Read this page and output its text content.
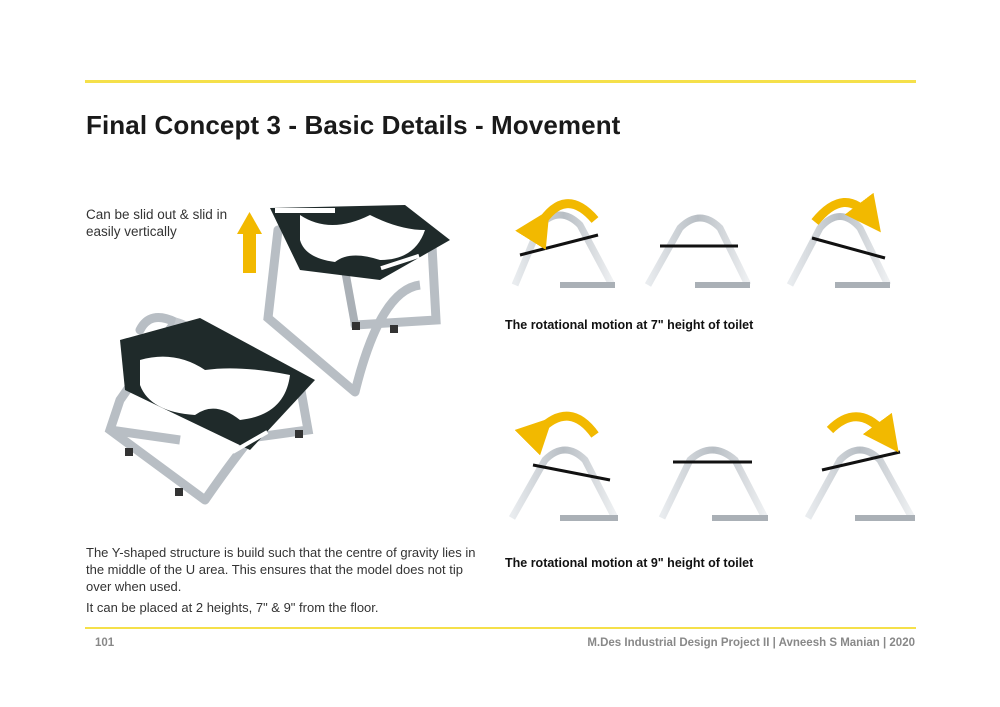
Final Concept 3 - Basic Details - Movement
Can be slid out & slid in easily vertically
The rotational motion at 7" height of toilet
The rotational motion at 9" height of toilet

The Y-shaped structure is build such that the centre of gravity lies in the middle of the U area. This ensures that the model does not tip over when used.

It can be placed at 2 heights, 7" & 9" from the floor.

101	M.Des Industrial Design Project II | Avneesh S Manian | 2020
